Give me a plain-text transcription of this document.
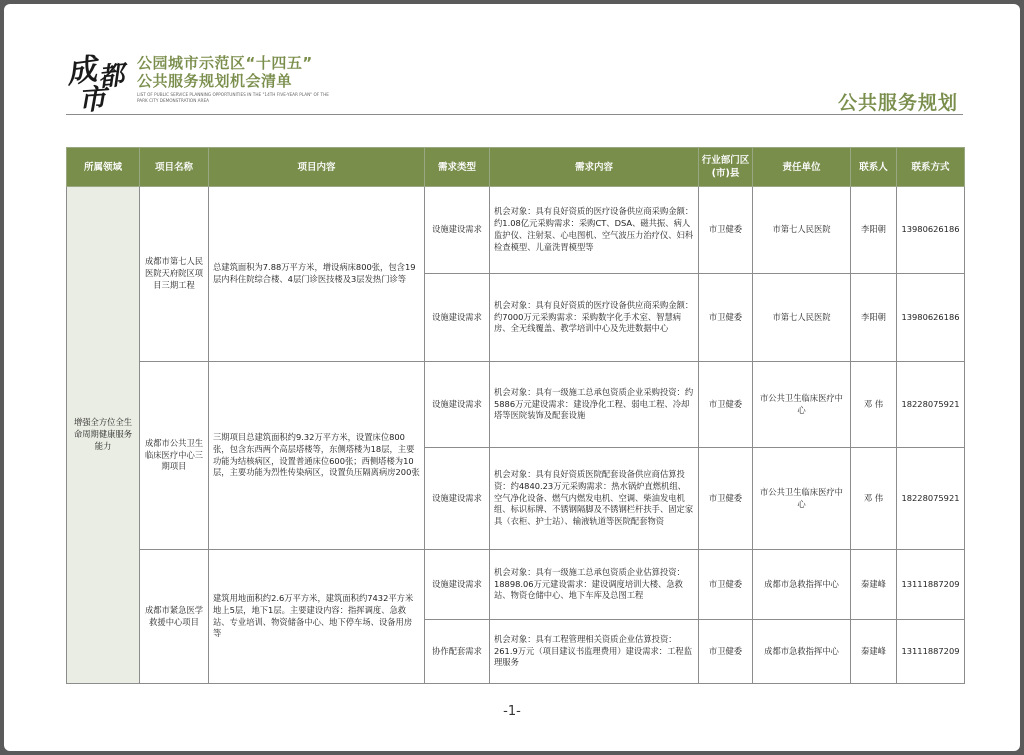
成
都
市
公园城市示范区“十四五”
公共服务规划机会清单
LIST OF PUBLIC SERVICE PLANNING OPPORTUNITIES IN THE "14TH FIVE-YEAR PLAN" OF THE PARK CITY DEMONSTRATION AREA	公共服务规划
所属领域	项目名称	项目内容	需求类型	需求内容	行业部门区(市)县	责任单位	联系人	联系方式
增强全方位全生命周期健康服务能力	成都市第七人民医院天府院区项目三期工程	总建筑面积为7.88万平方米，增设病床800张，包含19层内科住院综合楼、4层门诊医技楼及3层发热门诊等	设施建设需求	机会对象：具有良好资质的医疗设备供应商采购金额：约1.08亿元采购需求：采购CT、DSA、磁共振、病人监护仪、注射泵、心电图机、空气波压力治疗仪、妇科检查模型、儿童洗胃模型等	市卫健委	市第七人民医院	李阳朝	13980626186
			设施建设需求	机会对象：具有良好资质的医疗设备供应商采购金额：约7000万元采购需求：采购数字化手术室、智慧病房、全无线覆盖、教学培训中心及先进数据中心	市卫健委	市第七人民医院	李阳朝	13980626186
	成都市公共卫生临床医疗中心三期项目	三期项目总建筑面积约9.32万平方米，设置床位800张，包含东西两个高层塔楼等，东侧塔楼为18层，主要功能为结核病区，设置普通床位600张；西侧塔楼为10层，主要功能为烈性传染病区，设置负压隔离病房200张	设施建设需求	机会对象：具有一级施工总承包资质企业采购投资：约5886万元建设需求：建设净化工程、弱电工程、冷却塔等医院装饰及配套设施	市卫健委	市公共卫生临床医疗中心	邓 伟	18228075921
			设施建设需求	机会对象：具有良好资质医院配套设备供应商估算投资：约4840.23万元采购需求：热水锅炉直燃机组、空气净化设备、燃气内燃发电机、空调、柴油发电机组、标识标牌、不锈钢隔脚及不锈钢栏杆扶手、固定家具（衣柜、护士站）、输液轨道等医院配套物资	市卫健委	市公共卫生临床医疗中心	邓 伟	18228075921
	成都市紧急医学救援中心项目	建筑用地面积约2.6万平方米，建筑面积约7432平方米地上5层，地下1层。主要建设内容：指挥调度、急救站、专业培训、物资储备中心、地下停车场、设备用房等	设施建设需求	机会对象：具有一级施工总承包资质企业估算投资：18898.06万元建设需求：建设调度培训大楼、急救站、物资仓储中心、地下车库及总图工程	市卫健委	成都市急救指挥中心	秦建峰	13111887209
			协作配套需求	机会对象：具有工程管理相关资质企业估算投资：261.9万元（项目建议书监理费用）建设需求：工程监理服务	市卫健委	成都市急救指挥中心	秦建峰	13111887209
-1-
